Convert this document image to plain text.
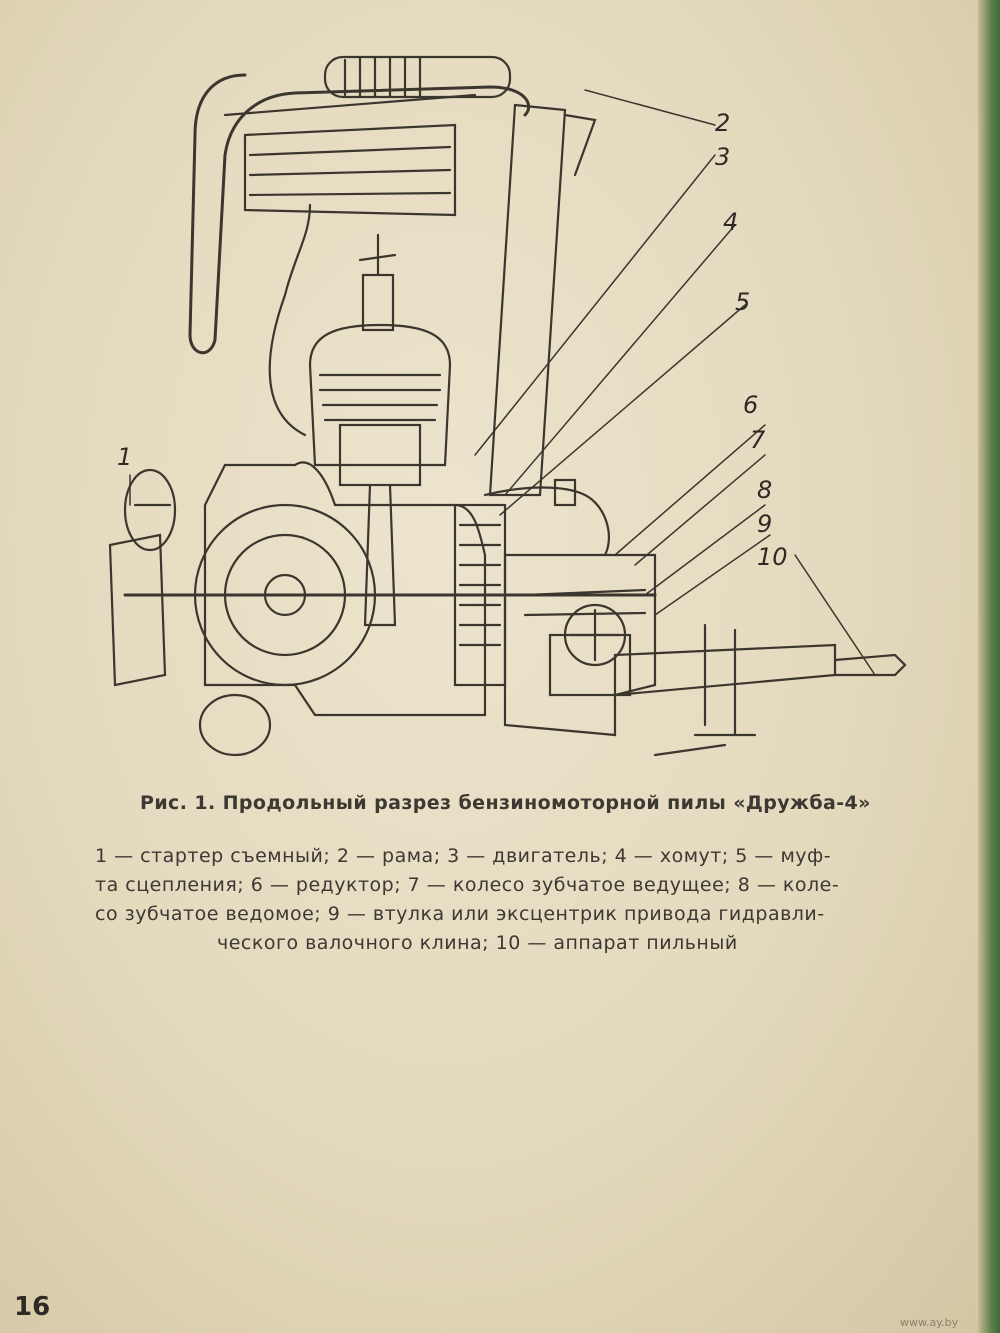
1
2
3
4
5
6
7
8
9
10
Рис. 1. Продольный разрез бензиномоторной пилы «Дружба-4»
1 — стартер съемный; 2 — рама; 3 — двигатель; 4 — хомут; 5 — муф-
та сцепления; 6 — редуктор; 7 — колесо зубчатое ведущее; 8 — коле-
со зубчатое ведомое; 9 — втулка или эксцентрик привода гидравли-
ческого валочного клина; 10 — аппарат пильный
16
www.ay.by
